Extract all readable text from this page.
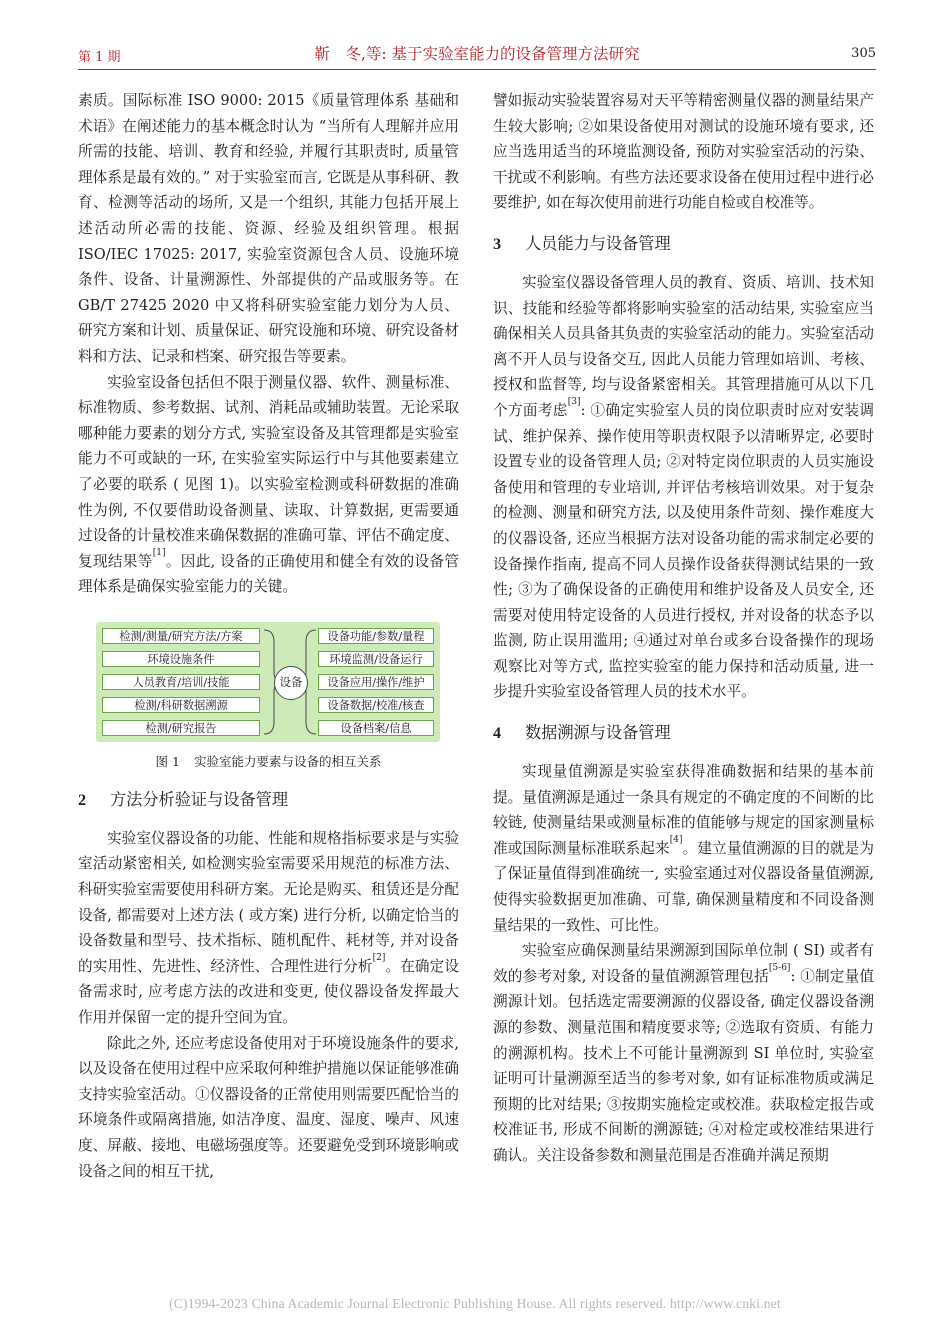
第 1 期	靳　冬,等: 基于实验室能力的设备管理方法研究	305

素质。国际标准 ISO 9000: 2015《质量管理体系 基础和术语》在阐述能力的基本概念时认为 “当所有人理解并应用所需的技能、培训、教育和经验, 并履行其职责时, 质量管理体系是最有效的。” 对于实验室而言, 它既是从事科研、教育、检测等活动的场所, 又是一个组织, 其能力包括开展上述活动所必需的技能、资源、经验及组织管理。根据 ISO/IEC 17025: 2017, 实验室资源包含人员、设施环境条件、设备、计量溯源性、外部提供的产品或服务等。在 GB/T 27425 2020 中又将科研实验室能力划分为人员、研究方案和计划、质量保证、研究设施和环境、研究设备材料和方法、记录和档案、研究报告等要素。

实验室设备包括但不限于测量仪器、软件、测量标准、标准物质、参考数据、试剂、消耗品或辅助装置。无论采取哪种能力要素的划分方式, 实验室设备及其管理都是实验室能力不可或缺的一环, 在实验室实际运行中与其他要素建立了必要的联系 ( 见图 1)。以实验室检测或科研数据的准确性为例, 不仅要借助设备测量、读取、计算数据, 更需要通过设备的计量校准来确保数据的准确可靠、评估不确定度、复现结果等[1]。因此, 设备的正确使用和健全有效的设备管理体系是确保实验室能力的关键。

检测/测量/研究方法/方案
环境设施条件
人员教育/培训/技能
检测/科研数据溯源
检测/研究报告
设备
设备功能/参数/量程
环境监测/设备运行
设备应用/操作/维护
设备数据/校准/核查
设备档案/信息
图 1 实验室能力要素与设备的相互关系
2 方法分析验证与设备管理

实验室仪器设备的功能、性能和规格指标要求是与实验室活动紧密相关, 如检测实验室需要采用规范的标准方法、科研实验室需要使用科研方案。无论是购买、租赁还是分配设备, 都需要对上述方法 ( 或方案) 进行分析, 以确定恰当的设备数量和型号、技术指标、随机配件、耗材等, 并对设备的实用性、先进性、经济性、合理性进行分析[2]。在确定设备需求时, 应考虑方法的改进和变更, 使仪器设备发挥最大作用并保留一定的提升空间为宜。

除此之外, 还应考虑设备使用对于环境设施条件的要求, 以及设备在使用过程中应采取何种维护措施以保证能够准确支持实验室活动。①仪器设备的正常使用则需要匹配恰当的环境条件或隔离措施, 如洁净度、温度、湿度、噪声、风速度、屏蔽、接地、电磁场强度等。还要避免受到环境影响或设备之间的相互干扰,

譬如振动实验装置容易对天平等精密测量仪器的测量结果产生较大影响; ②如果设备使用对测试的设施环境有要求, 还应当选用适当的环境监测设备, 预防对实验室活动的污染、干扰或不利影响。有些方法还要求设备在使用过程中进行必要维护, 如在每次使用前进行功能自检或自校准等。

3 人员能力与设备管理

实验室仪器设备管理人员的教育、资质、培训、技术知识、技能和经验等都将影响实验室的活动结果, 实验室应当确保相关人员具备其负责的实验室活动的能力。实验室活动离不开人员与设备交互, 因此人员能力管理如培训、考核、授权和监督等, 均与设备紧密相关。其管理措施可从以下几个方面考虑[3]: ①确定实验室人员的岗位职责时应对安装调试、维护保养、操作使用等职责权限予以清晰界定, 必要时设置专业的设备管理人员; ②对特定岗位职责的人员实施设备使用和管理的专业培训, 并评估考核培训效果。对于复杂的检测、测量和研究方法, 以及使用条件苛刻、操作难度大的仪器设备, 还应当根据方法对设备功能的需求制定必要的设备操作指南, 提高不同人员操作设备获得测试结果的一致性; ③为了确保设备的正确使用和维护设备及人员安全, 还需要对使用特定设备的人员进行授权, 并对设备的状态予以监测, 防止误用滥用; ④通过对单台或多台设备操作的现场观察比对等方式, 监控实验室的能力保持和活动质量, 进一步提升实验室设备管理人员的技术水平。

4 数据溯源与设备管理

实现量值溯源是实验室获得准确数据和结果的基本前提。量值溯源是通过一条具有规定的不确定度的不间断的比较链, 使测量结果或测量标准的值能够与规定的国家测量标准或国际测量标准联系起来[4]。建立量值溯源的目的就是为了保证量值得到准确统一, 实验室通过对仪器设备量值溯源, 使得实验数据更加准确、可靠, 确保测量精度和不同设备测量结果的一致性、可比性。

实验室应确保测量结果溯源到国际单位制 ( SI) 或者有效的参考对象, 对设备的量值溯源管理包括[5-6]: ①制定量值溯源计划。包括选定需要溯源的仪器设备, 确定仪器设备溯源的参数、测量范围和精度要求等; ②选取有资质、有能力的溯源机构。技术上不可能计量溯源到 SI 单位时, 实验室证明可计量溯源至适当的参考对象, 如有证标准物质或满足预期的比对结果; ③按期实施检定或校准。获取检定报告或校准证书, 形成不间断的溯源链; ④对检定或校准结果进行确认。关注设备参数和测量范围是否准确并满足预期

(C)1994-2023 China Academic Journal Electronic Publishing House. All rights reserved. http://www.cnki.net
